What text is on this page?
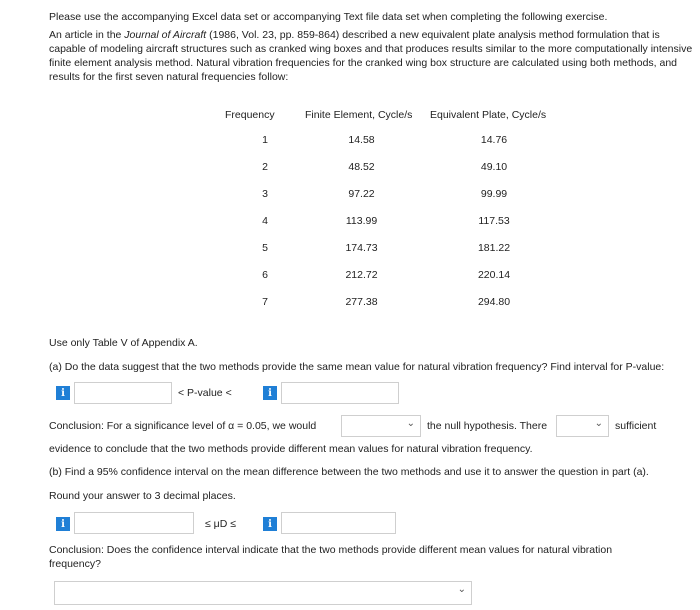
Please use the accompanying Excel data set or accompanying Text file data set when completing the following exercise.
An article in the Journal of Aircraft (1986, Vol. 23, pp. 859-864) described a new equivalent plate analysis method formulation that is capable of modeling aircraft structures such as cranked wing boxes and that produces results similar to the more computationally intensive finite element analysis method. Natural vibration frequencies for the cranked wing box structure are calculated using both methods, and results for the first seven natural frequencies follow:
Frequency	Finite Element, Cycle/s	Equivalent Plate, Cycle/s
1	14.58	14.76
2	48.52	49.10
3	97.22	99.99
4	113.99	117.53
5	174.73	181.22
6	212.72	220.14
7	277.38	294.80
Use only Table V of Appendix A.
(a) Do the data suggest that the two methods provide the same mean value for natural vibration frequency? Find interval for P-value:
i	< P-value <	i
Conclusion: For a significance level of α = 0.05, we would	⌄ the null hypothesis. There	⌄ sufficient
evidence to conclude that the two methods provide different mean values for natural vibration frequency.
(b) Find a 95% confidence interval on the mean difference between the two methods and use it to answer the question in part (a).
Round your answer to 3 decimal places.
i	≤ μD ≤	i
Conclusion: Does the confidence interval indicate that the two methods provide different mean values for natural vibration frequency?
⌄
